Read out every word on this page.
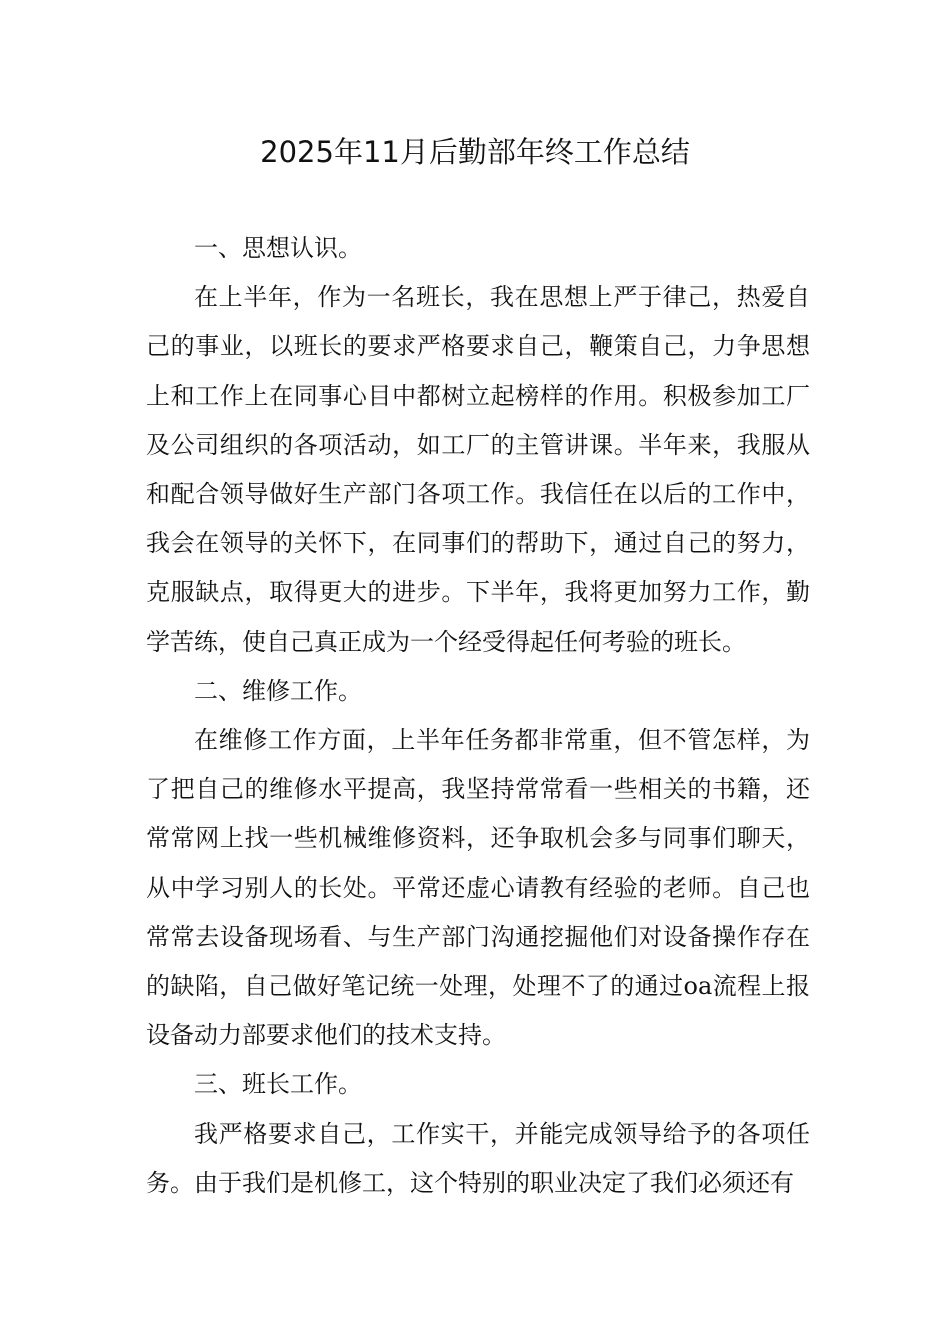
2025年11月后勤部年终工作总结

一、思想认识。

在上半年，作为一名班长，我在思想上严于律己，热爱自己的事业，以班长的要求严格要求自己，鞭策自己，力争思想上和工作上在同事心目中都树立起榜样的作用。积极参加工厂及公司组织的各项活动，如工厂的主管讲课。半年来，我服从和配合领导做好生产部门各项工作。我信任在以后的工作中，我会在领导的关怀下，在同事们的帮助下，通过自己的努力，克服缺点，取得更大的进步。下半年，我将更加努力工作，勤学苦练，使自己真正成为一个经受得起任何考验的班长。

二、维修工作。

在维修工作方面，上半年任务都非常重，但不管怎样，为了把自己的维修水平提高，我坚持常常看一些相关的书籍，还常常网上找一些机械维修资料，还争取机会多与同事们聊天，从中学习别人的长处。平常还虚心请教有经验的老师。自己也常常去设备现场看、与生产部门沟通挖掘他们对设备操作存在的缺陷，自己做好笔记统一处理，处理不了的通过oa流程上报设备动力部要求他们的技术支持。

三、班长工作。

我严格要求自己，工作实干，并能完成领导给予的各项任务。由于我们是机修工，这个特别的职业决定了我们必须还有
